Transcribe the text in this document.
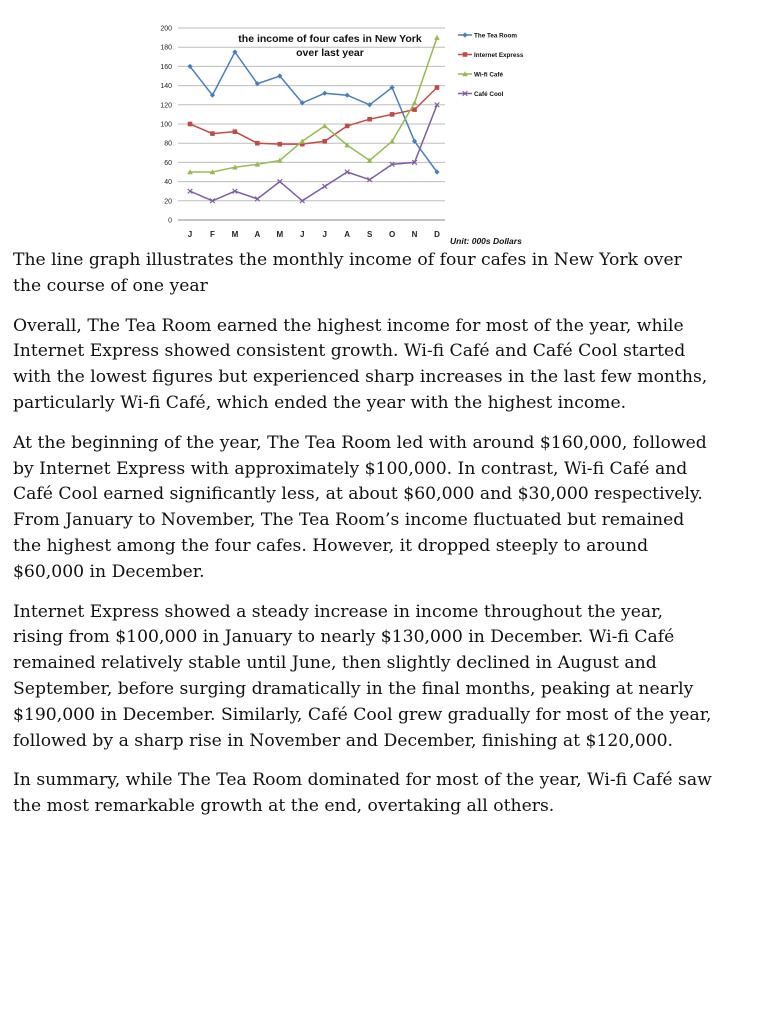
0
20
40
60
80
100
120
140
160
180
200
J F M A M J J A S O N D
the income of four cafes in New York
over last year
Unit: 000s Dollars
The Tea Room
Internet Express
Wi-fi Café
Café Cool

The line graph illustrates the monthly income of four cafes in New York over the course of one year

Overall, The Tea Room earned the highest income for most of the year, while Internet Express showed consistent growth. Wi-fi Café and Café Cool started with the lowest figures but experienced sharp increases in the last few months, particularly Wi-fi Café, which ended the year with the highest income.

At the beginning of the year, The Tea Room led with around $160,000, followed by Internet Express with approximately $100,000. In contrast, Wi-fi Café and Café Cool earned significantly less, at about $60,000 and $30,000 respectively. From January to November, The Tea Room’s income fluctuated but remained the highest among the four cafes. However, it dropped steeply to around $60,000 in December.

Internet Express showed a steady increase in income throughout the year, rising from $100,000 in January to nearly $130,000 in December. Wi-fi Café remained relatively stable until June, then slightly declined in August and September, before surging dramatically in the final months, peaking at nearly $190,000 in December. Similarly, Café Cool grew gradually for most of the year, followed by a sharp rise in November and December, finishing at $120,000.

In summary, while The Tea Room dominated for most of the year, Wi-fi Café saw the most remarkable growth at the end, overtaking all others.
